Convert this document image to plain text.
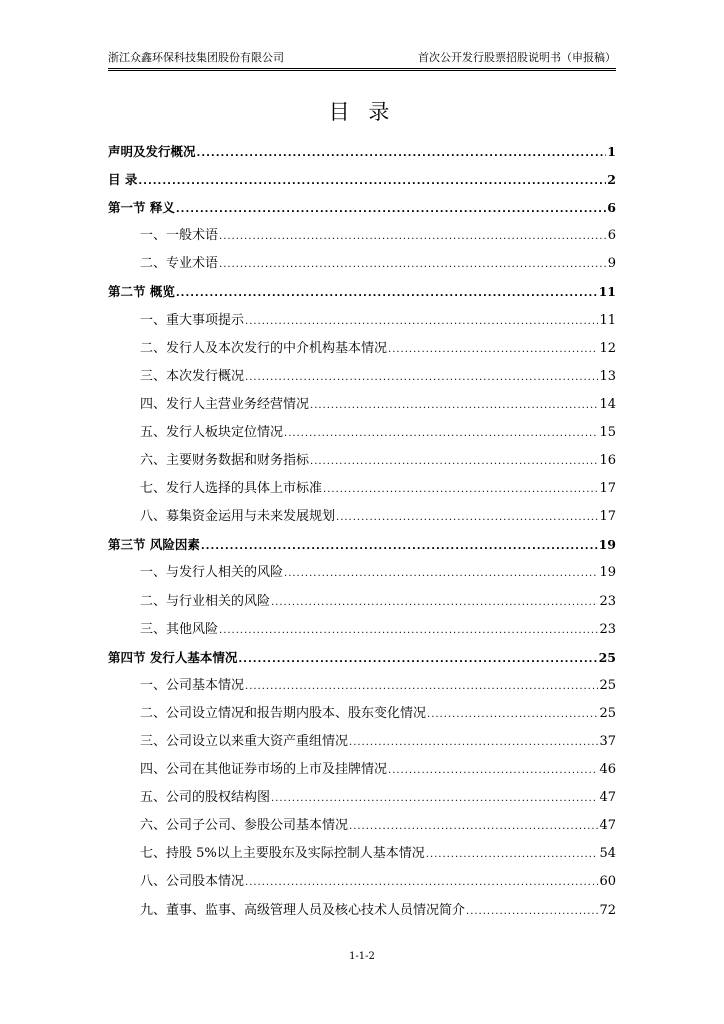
浙江众鑫环保科技集团股份有限公司	首次公开发行股票招股说明书（申报稿）
目 录
声明及发行概况 .....	1
目 录 .....	2
第一节 释义 .....	6
一、一般术语 .....	6
二、专业术语 .....	9
第二节 概览 .....	11
一、重大事项提示 .....	11
二、发行人及本次发行的中介机构基本情况 .....	12
三、本次发行概况 .....	13
四、发行人主营业务经营情况 .....	14
五、发行人板块定位情况 .....	15
六、主要财务数据和财务指标 .....	16
七、发行人选择的具体上市标准 .....	17
八、募集资金运用与未来发展规划 .....	17
第三节 风险因素 .....	19
一、与发行人相关的风险 .....	19
二、与行业相关的风险 .....	23
三、其他风险 .....	23
第四节 发行人基本情况 .....	25
一、公司基本情况 .....	25
二、公司设立情况和报告期内股本、股东变化情况 .....	25
三、公司设立以来重大资产重组情况 .....	37
四、公司在其他证券市场的上市及挂牌情况 .....	46
五、公司的股权结构图 .....	47
六、公司子公司、参股公司基本情况 .....	47
七、持股 5%以上主要股东及实际控制人基本情况 .....	54
八、公司股本情况 .....	60
九、董事、监事、高级管理人员及核心技术人员情况简介 .....	72
1-1-2
